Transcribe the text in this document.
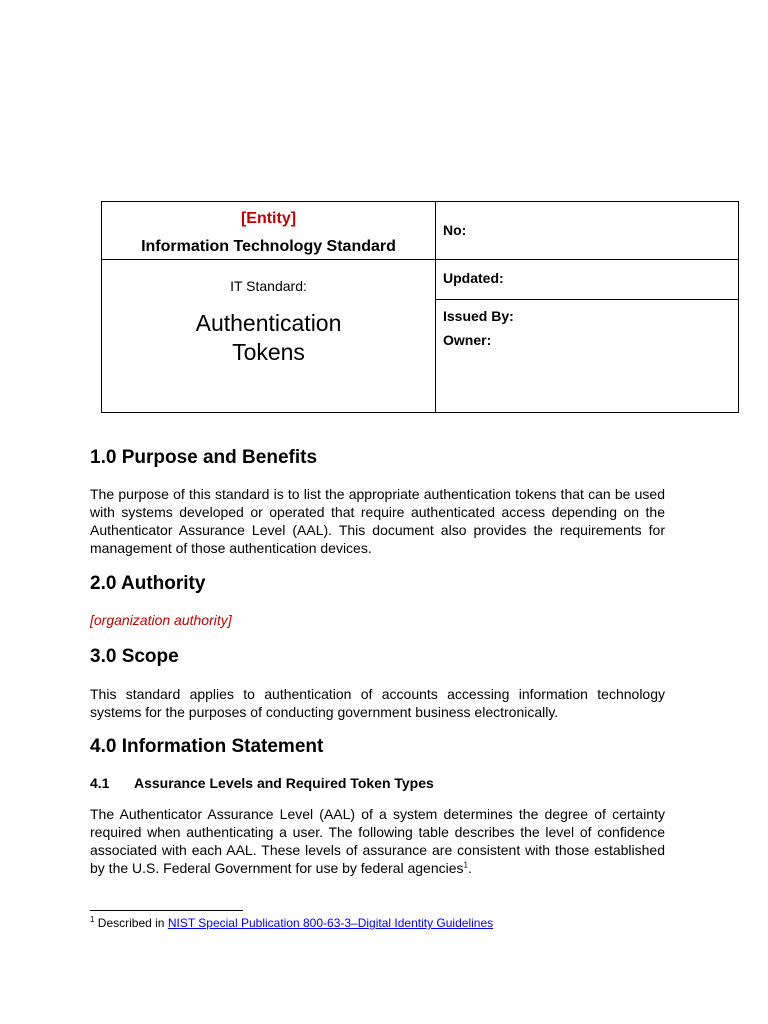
[Entity]
Information Technology Standard	No:

IT Standard:
Authentication
Tokens	Updated:

	Issued By:
Owner:
1.0 Purpose and Benefits

The purpose of this standard is to list the appropriate authentication tokens that can be used with systems developed or operated that require authenticated access depending on the Authenticator Assurance Level (AAL). This document also provides the requirements for management of those authentication devices.

2.0 Authority

[organization authority]

3.0 Scope

This standard applies to authentication of accounts accessing information technology systems for the purposes of conducting government business electronically.

4.0 Information Statement
4.1 Assurance Levels and Required Token Types

The Authenticator Assurance Level (AAL) of a system determines the degree of certainty required when authenticating a user. The following table describes the level of confidence associated with each AAL. These levels of assurance are consistent with those established by the U.S. Federal Government for use by federal agencies$^1$.

$^1$ Described in NIST Special Publication 800-63-3–Digital Identity Guidelines
